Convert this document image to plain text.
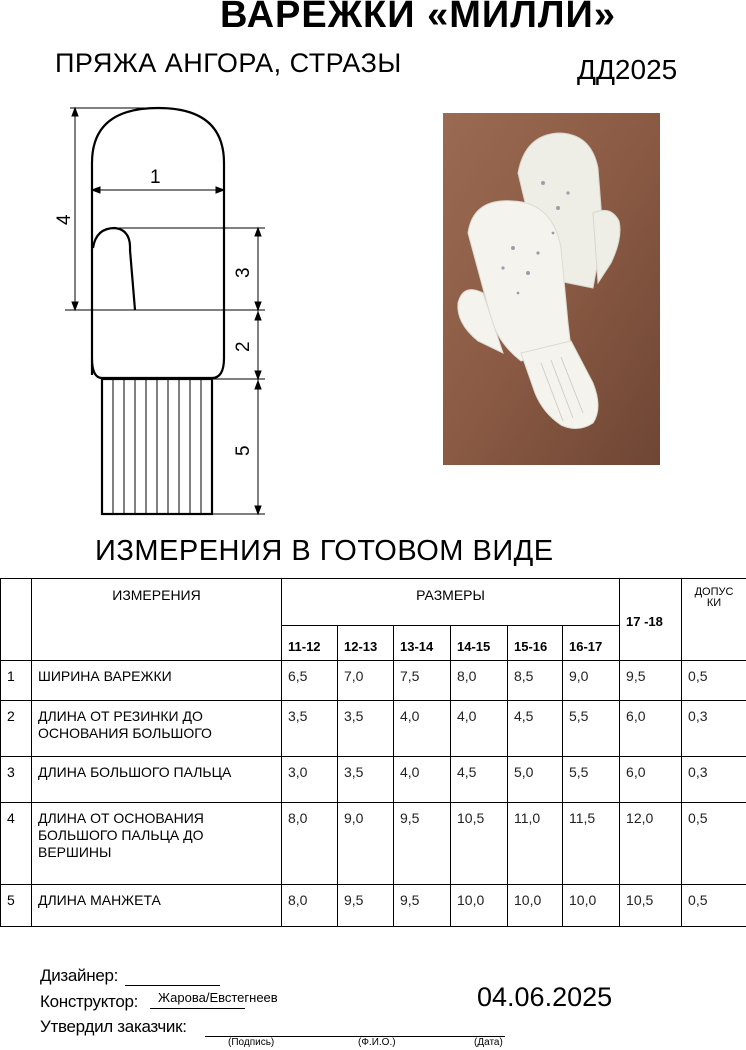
ВАРЕЖКИ «МИЛЛИ»
ПРЯЖА АНГОРА, СТРАЗЫ	ДД2025
1
4
3
2
5
ИЗМЕРЕНИЯ В ГОТОВОМ ВИДЕ
	ИЗМЕРЕНИЯ	РАЗМЕРЫ						17 -18	ДОПУС КИ
		11-12	12-13	13-14	14-15	15-16	16-17		
1	ШИРИНА ВАРЕЖКИ	6,5	7,0	7,5	8,0	8,5	9,0	9,5	0,5
2	ДЛИНА ОТ РЕЗИНКИ ДО ОСНОВАНИЯ БОЛЬШОГО	3,5	3,5	4,0	4,0	4,5	5,5	6,0	0,3
3	ДЛИНА БОЛЬШОГО ПАЛЬЦА	3,0	3,5	4,0	4,5	5,0	5,5	6,0	0,3
4	ДЛИНА ОТ ОСНОВАНИЯ БОЛЬШОГО ПАЛЬЦА ДО ВЕРШИНЫ	8,0	9,0	9,5	10,5	11,0	11,5	12,0	0,5
5	ДЛИНА МАНЖЕТА	8,0	9,5	9,5	10,0	10,0	10,0	10,5	0,5
Дизайнер:
Конструктор: Жарова/Евстегнеев
Утвердил заказчик:
(Подпись)	(Ф.И.О.)	(Дата)
04.06.2025
